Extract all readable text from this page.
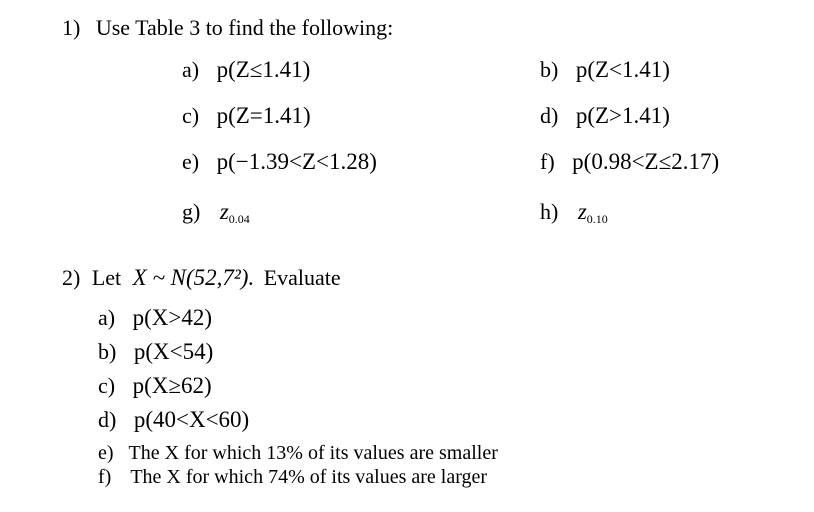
1) Use Table 3 to find the following:
a) p(Z≤1.41)
c) p(Z=1.41)
e) p(−1.39<Z<1.28)
g) $z_{0.04}$
b) p(Z<1.41)
d) p(Z>1.41)
f) p(0.98<Z≤2.17)
h) $z_{0.10}$
2) Let X ~ N(52,7²). Evaluate
a) p(X>42)
b) p(X<54)
c) p(X≥62)
d) p(40<X<60)
e) The X for which 13% of its values are smaller
f) The X for which 74% of its values are larger
